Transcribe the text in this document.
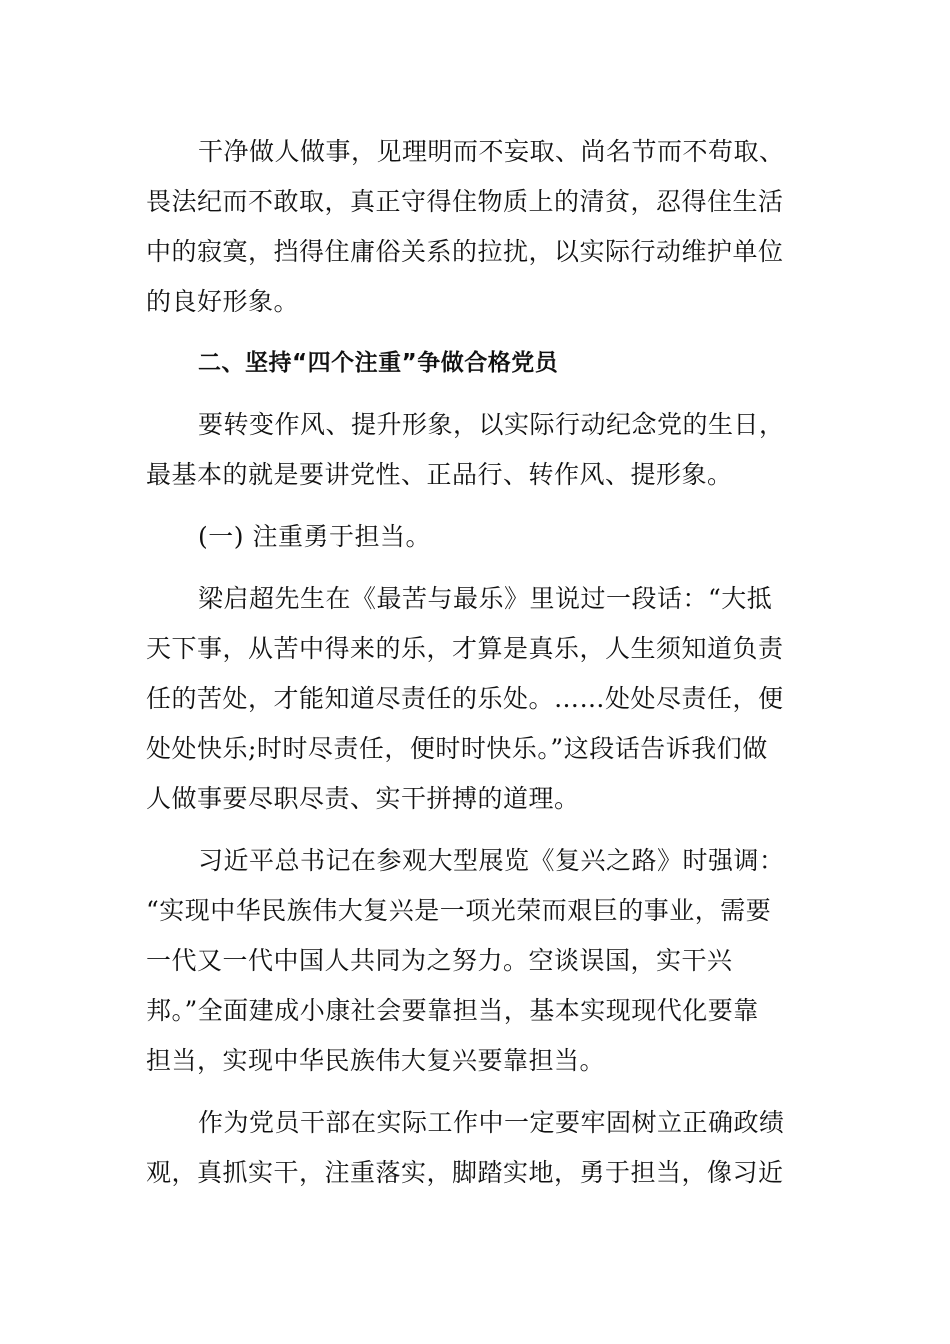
干净做人做事，见理明而不妄取、尚名节而不苟取、
畏法纪而不敢取，真正守得住物质上的清贫，忍得住生活
中的寂寞，挡得住庸俗关系的拉扰，以实际行动维护单位
的良好形象。
二、坚持“四个注重”争做合格党员
要转变作风、提升形象，以实际行动纪念党的生日，
最基本的就是要讲党性、正品行、转作风、提形象。
(一) 注重勇于担当。
梁启超先生在《最苦与最乐》里说过一段话：“大抵
天下事，从苦中得来的乐，才算是真乐，人生须知道负责
任的苦处，才能知道尽责任的乐处。……处处尽责任，便
处处快乐;时时尽责任，便时时快乐。”这段话告诉我们做
人做事要尽职尽责、实干拼搏的道理。
习近平总书记在参观大型展览《复兴之路》时强调：
“实现中华民族伟大复兴是一项光荣而艰巨的事业，需要
一代又一代中国人共同为之努力。空谈误国，实干兴
邦。”全面建成小康社会要靠担当，基本实现现代化要靠
担当，实现中华民族伟大复兴要靠担当。
作为党员干部在实际工作中一定要牢固树立正确政绩
观，真抓实干，注重落实，脚踏实地，勇于担当，像习近
